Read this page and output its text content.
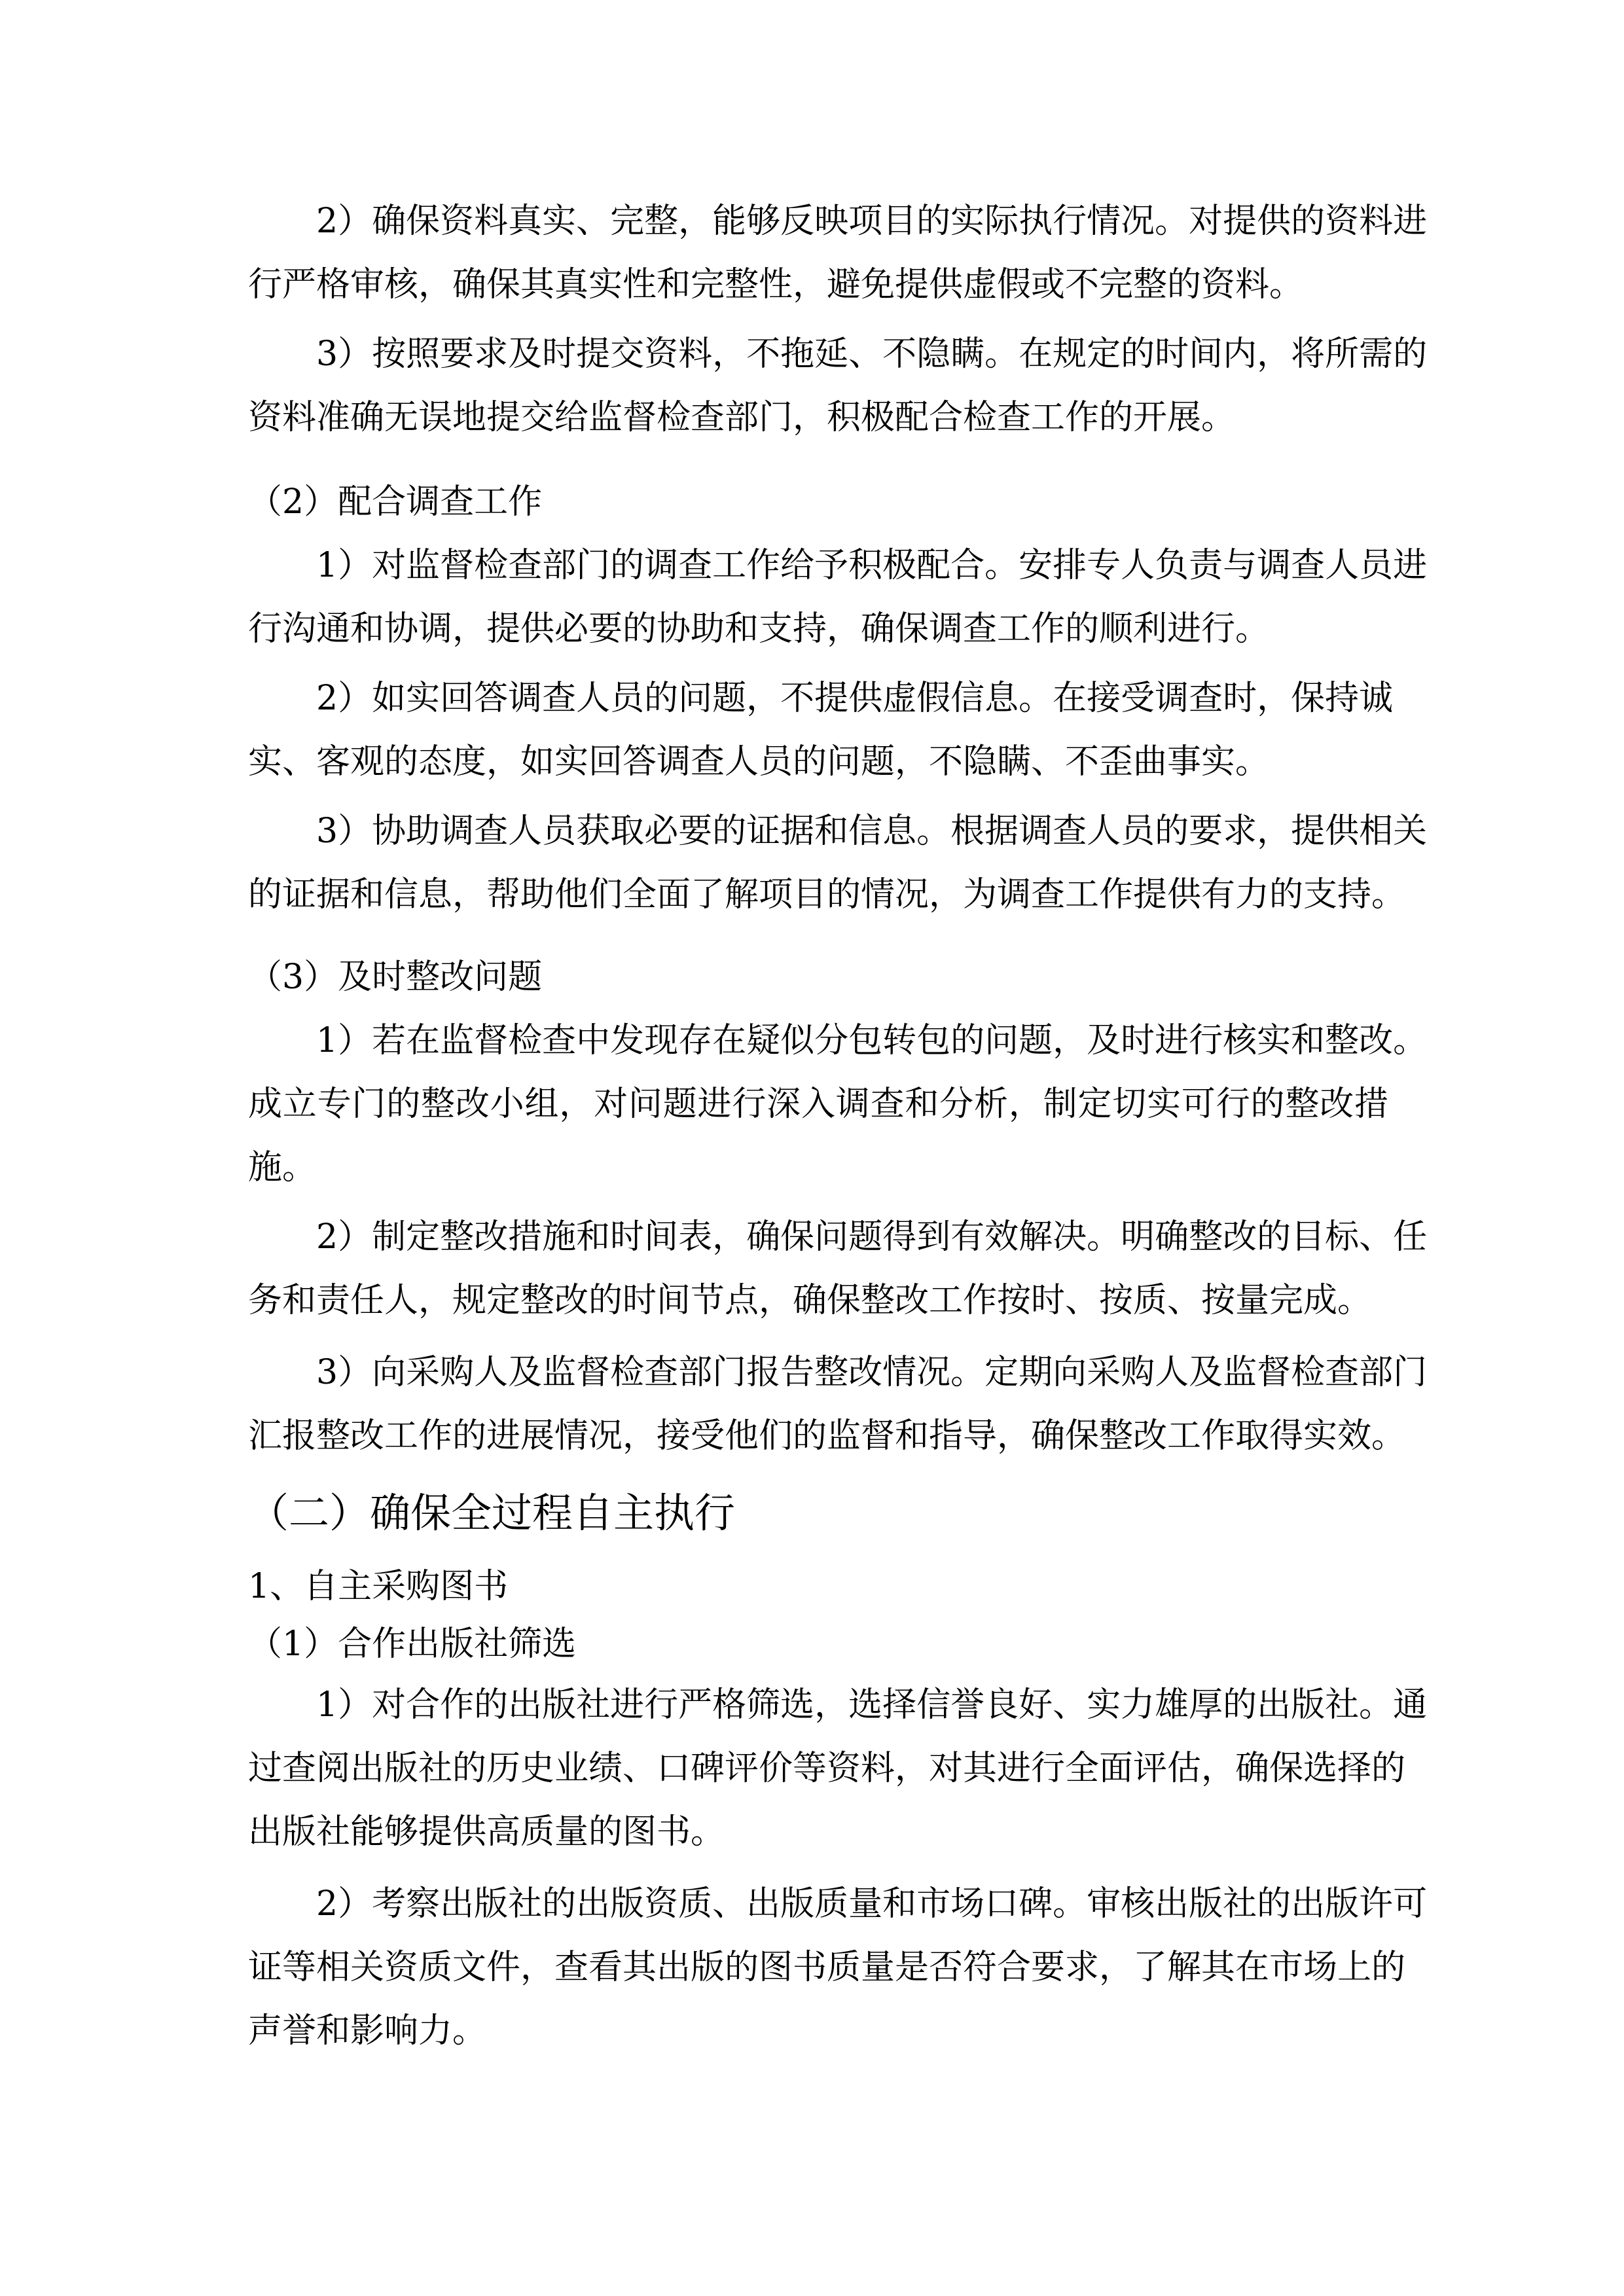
2）确保资料真实、完整，能够反映项目的实际执行情况。对提供的资料进
行严格审核，确保其真实性和完整性，避免提供虚假或不完整的资料。
3）按照要求及时提交资料，不拖延、不隐瞒。在规定的时间内，将所需的
资料准确无误地提交给监督检查部门，积极配合检查工作的开展。
（2）配合调查工作
1）对监督检查部门的调查工作给予积极配合。安排专人负责与调查人员进
行沟通和协调，提供必要的协助和支持，确保调查工作的顺利进行。
2）如实回答调查人员的问题，不提供虚假信息。在接受调查时，保持诚
实、客观的态度，如实回答调查人员的问题，不隐瞒、不歪曲事实。
3）协助调查人员获取必要的证据和信息。根据调查人员的要求，提供相关
的证据和信息，帮助他们全面了解项目的情况，为调查工作提供有力的支持。
（3）及时整改问题
1）若在监督检查中发现存在疑似分包转包的问题，及时进行核实和整改。
成立专门的整改小组，对问题进行深入调查和分析，制定切实可行的整改措
施。
2）制定整改措施和时间表，确保问题得到有效解决。明确整改的目标、任
务和责任人，规定整改的时间节点，确保整改工作按时、按质、按量完成。
3）向采购人及监督检查部门报告整改情况。定期向采购人及监督检查部门
汇报整改工作的进展情况，接受他们的监督和指导，确保整改工作取得实效。
（二）确保全过程自主执行
1、自主采购图书
（1）合作出版社筛选
1）对合作的出版社进行严格筛选，选择信誉良好、实力雄厚的出版社。通
过查阅出版社的历史业绩、口碑评价等资料，对其进行全面评估，确保选择的
出版社能够提供高质量的图书。
2）考察出版社的出版资质、出版质量和市场口碑。审核出版社的出版许可
证等相关资质文件，查看其出版的图书质量是否符合要求，了解其在市场上的
声誉和影响力。
